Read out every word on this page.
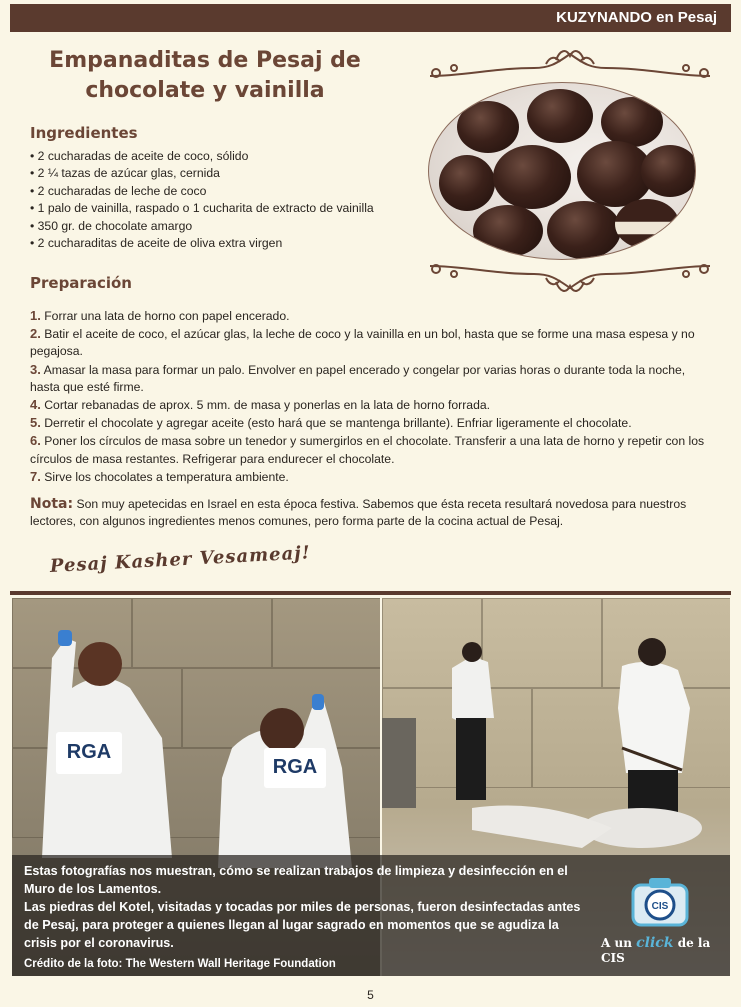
KUZYNANDO en Pesaj
Empanaditas de Pesaj de
chocolate y vainilla
Ingredientes
• 2 cucharadas de aceite de coco, sólido
• 2 ¼ tazas de azúcar glas, cernida
• 2 cucharadas de leche de coco
• 1 palo de vainilla, raspado o 1 cucharita de extracto de vainilla
• 350 gr. de chocolate amargo
• 2 cucharaditas de aceite de oliva extra virgen
Preparación

1. Forrar una lata de horno con papel encerado.

2. Batir el aceite de coco, el azúcar glas, la leche de coco y la vainilla en un bol, hasta que se forme una masa espesa y no pegajosa.

3. Amasar la masa para formar un palo. Envolver en papel encerado y congelar por varias horas o durante toda la noche, hasta que esté firme.

4. Cortar rebanadas de aprox. 5 mm. de masa y ponerlas en la lata de horno forrada.

5. Derretir el chocolate y agregar aceite (esto hará que se mantenga brillante). Enfriar ligeramente el chocolate.

6. Poner los círculos de masa sobre un tenedor y sumergirlos en el chocolate. Transferir a una lata de horno y repetir con los círculos de masa restantes. Refrigerar para endurecer el chocolate.

7. Sirve los chocolates a temperatura ambiente.

Nota: Son muy apetecidas en Israel en esta época festiva. Sabemos que ésta receta resultará novedosa para nuestros lectores, con algunos ingredientes menos comunes, pero forma parte de la cocina actual de Pesaj.
Pesaj Kasher Vesameaj!
RGA
RGA
Estas fotografías nos muestran, cómo se realizan trabajos de limpieza y desinfección en el Muro de los Lamentos.
Las piedras del Kotel, visitadas y tocadas por miles de personas, fueron desinfectadas antes de Pesaj, para proteger a quienes llegan al lugar sagrado en momentos que se agudiza la crisis por el coronavirus.
Crédito de la foto: The Western Wall Heritage Foundation
CIS
A un click de la CIS
5
